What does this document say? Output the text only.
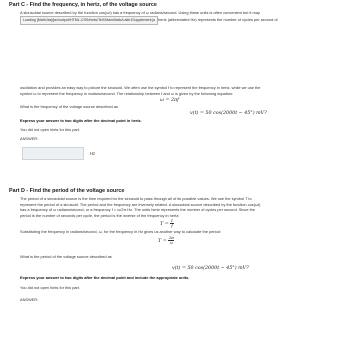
Part C - Find the frequency, in hertz, of the voltage source
A sinusoidal source described by the function cos(ωt) has a frequency of ω radians/second. Using these units is often convenient but it may
Loading [MathJax]/jax/output/HTML-CSS/fonts/TeX/Main/Italic/Latin1Supplement.js hertz (abbreviated Hz) represents the number of cycles per second of
oscillation and provides an easy way to picture the sinusoid. We often use the symbol f to represent the frequency in hertz, while we use the
symbol ω to represent the frequency in radians/second. The relationship between f and ω is given by the following equation:
ω = 2πf
What is the frequency of the voltage source described as
v(t) = 50 cos(2000t − 45°) mV?
Express your answer to two digits after the decimal point in hertz.
You did not open hints for this part.
ANSWER:
Hz
Part D - Find the period of the voltage source
The period of a sinusoidal source is the time required for the sinusoid to pass through all of its possible values. We use the symbol T to
represent the period of a sinusoid. The period and the frequency are inversely related. A sinusoidal source described by the function cos(ωt)
has a frequency of ω radians/second, or a frequency f = ω/2π Hz. The units hertz represents the number of cycles per second. Since the
period is the number of seconds per cycle, the period is the inverse of the frequency in hertz:
$T = \frac{1}{f}$
Substituting the frequency in radians/second, ω, for the frequency in Hz gives us another way to calculate the period:
$T = \frac{2\pi}{\omega}$
What is the period of the voltage source described as
v(t) = 50 cos(2000t − 45°) mV?
Express your answer to two digits after the decimal point and include the appropriate units.
You did not open hints for this part.
ANSWER:
